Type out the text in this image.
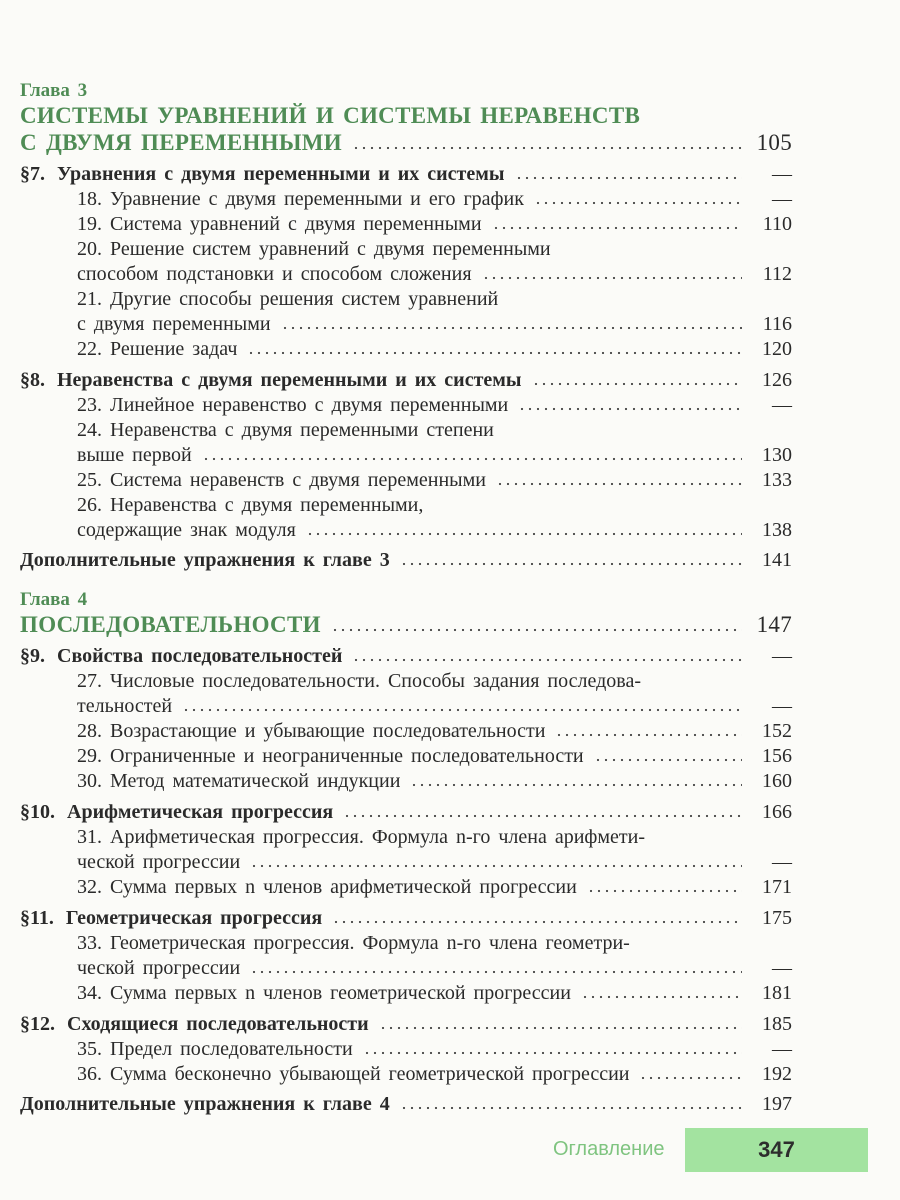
Глава 3
СИСТЕМЫ УРАВНЕНИЙ И СИСТЕМЫ НЕРАВЕНСТВ
С ДВУМЯ ПЕРЕМЕННЫМИ	105
§7. Уравнения с двумя переменными и их системы	—
18. Уравнение с двумя переменными и его график	—
19. Система уравнений с двумя переменными	110
20. Решение систем уравнений с двумя переменными
способом подстановки и способом сложения	112
21. Другие способы решения систем уравнений
с двумя переменными	116
22. Решение задач	120
§8. Неравенства с двумя переменными и их системы	126
23. Линейное неравенство с двумя переменными	—
24. Неравенства с двумя переменными степени
выше первой	130
25. Система неравенств с двумя переменными	133
26. Неравенства с двумя переменными,
содержащие знак модуля	138
Дополнительные упражнения к главе 3	141
Глава 4
ПОСЛЕДОВАТЕЛЬНОСТИ	147
§9. Свойства последовательностей	—
27. Числовые последовательности. Способы задания последова-
тельностей	—
28. Возрастающие и убывающие последовательности	152
29. Ограниченные и неограниченные последовательности	156
30. Метод математической индукции	160
§10. Арифметическая прогрессия	166
31. Арифметическая прогрессия. Формула n-го члена арифмети-
ческой прогрессии	—
32. Сумма первых n членов арифметической прогрессии	171
§11. Геометрическая прогрессия	175
33. Геометрическая прогрессия. Формула n-го члена геометри-
ческой прогрессии	—
34. Сумма первых n членов геометрической прогрессии	181
§12. Сходящиеся последовательности	185
35. Предел последовательности	—
36. Сумма бесконечно убывающей геометрической прогрессии	192
Дополнительные упражнения к главе 4	197
Оглавление	347
